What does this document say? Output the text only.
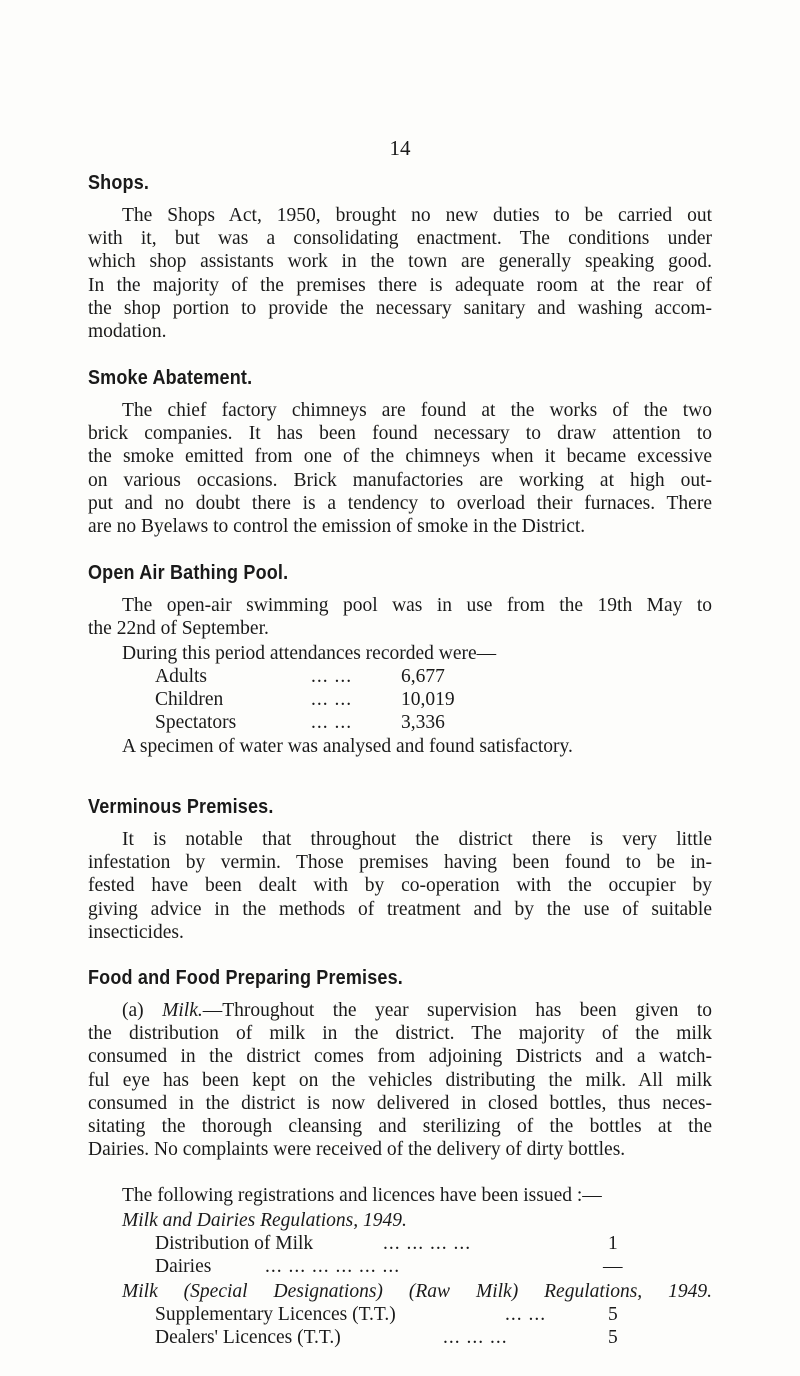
14
Shops.
The Shops Act, 1950, brought no new duties to be carried out
with it, but was a consolidating enactment. The conditions under
which shop assistants work in the town are generally speaking good.
In the majority of the premises there is adequate room at the rear of
the shop portion to provide the necessary sanitary and washing accom-
modation.
Smoke Abatement.
The chief factory chimneys are found at the works of the two
brick companies. It has been found necessary to draw attention to
the smoke emitted from one of the chimneys when it became excessive
on various occasions. Brick manufactories are working at high out-
put and no doubt there is a tendency to overload their furnaces. There
are no Byelaws to control the emission of smoke in the District.
Open Air Bathing Pool.
The open-air swimming pool was in use from the 19th May to
the 22nd of September.
During this period attendances recorded were—
Adults	... ...	6,677
Children	... ...	10,019
Spectators	... ...	3,336
A specimen of water was analysed and found satisfactory.
Verminous Premises.
It is notable that throughout the district there is very little
infestation by vermin. Those premises having been found to be in-
fested have been dealt with by co-operation with the occupier by
giving advice in the methods of treatment and by the use of suitable
insecticides.
Food and Food Preparing Premises.
(a) Milk.—Throughout the year supervision has been given to
the distribution of milk in the district. The majority of the milk
consumed in the district comes from adjoining Districts and a watch-
ful eye has been kept on the vehicles distributing the milk. All milk
consumed in the district is now delivered in closed bottles, thus neces-
sitating the thorough cleansing and sterilizing of the bottles at the
Dairies. No complaints were received of the delivery of dirty bottles.
The following registrations and licences have been issued :—
Milk and Dairies Regulations, 1949.
Distribution of Milk	... ... ... ...	1
Dairies	... ... ... ... ... ...	—
Milk (Special Designations) (Raw Milk) Regulations, 1949.
Supplementary Licences (T.T.)	... ...	5
Dealers' Licences (T.T.)	... ... ...	5
